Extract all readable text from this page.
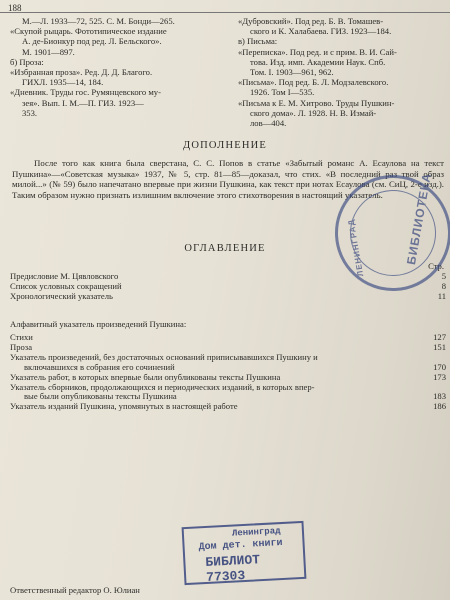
188

М.—Л. 1933—72, 525. С. М. Бонди—265.

«Скупой рыцарь. Фототипическое издание

А. де-Бионкур под ред. Л. Бельского».

М. 1901—897.

б) Проза:

«Избранная проза». Ред. Д. Д. Благого.

ГИХЛ. 1935—14, 184.

«Дневник. Труды гос. Румянцевского му-

зея». Вып. I. М.—П. ГИЗ. 1923—

353.

«Дубровский». Под ред. Б. В. Томашев-

ского и К. Халабаева. ГИЗ. 1923—184.

в) Письма:

«Переписка». Под ред. и с прим. В. И. Сай-

това. Изд. имп. Академии Наук. Спб.

Том. I. 1903—961, 962.

«Письма». Под ред. Б. Л. Модзалевского.

1926. Том I—535.

«Письма к Е. М. Хитрово. Труды Пушкин-

ского дома». Л. 1928. Н. В. Измай-

лов—404.

ДОПОЛНЕНИЕ
После того как книга была сверстана, С. С. Попов в статье «Забытый романс А. Есаулова на текст Пушкина»—«Советская музыка» 1937, № 5, стр. 81—85—доказал, что стих. «В последний раз твой образ милой...» (№ 59) было напечатано впервые при жизни Пушкина, как текст при нотах Есаулова (см. СиЦ, 2-е изд.). Таким образом нужно признать излишним включение этого стихотворения в настоящий указатель.
ОГЛАВЛЕНИЕ
Стр.
Предисловие М. Цявловского	5
Список условных сокращений	8
Хронологический указатель	11
Алфавитный указатель произведений Пушкина:
Стихи	127
Проза	151
Указатель произведений, без достаточных оснований приписывавшихся Пушкину и
включавшихся в собрания его сочинений	170
Указатель работ, в которых впервые были опубликованы тексты Пушкина	173
Указатель сборников, продолжающихся и периодических изданий, в которых впер-
вые были опубликованы тексты Пушкина	183
Указатель изданий Пушкина, упомянутых в настоящей работе	186
БИБЛИОТЕКА
ЛЕНИНГРАД
Ленинград
Дом дет. книги
БИБЛИОТ 77303
Ответственный редактор О. Юлиан
